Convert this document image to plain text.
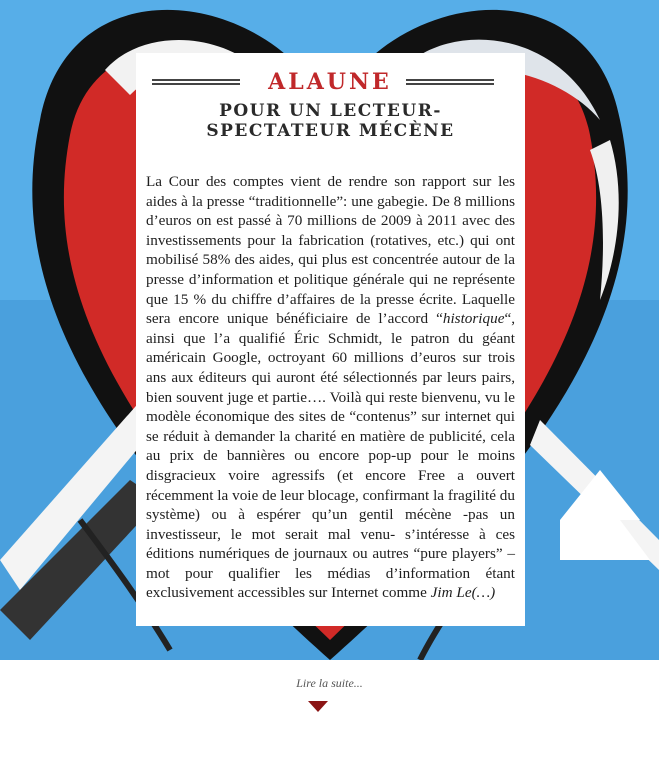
ALAUNE
POUR UN LECTEUR-SPECTATEUR MÉCÈNE
La Cour des comptes vient de rendre son rapport sur les aides à la presse “traditionnelle”: une gabegie. De 8 millions d’euros on est passé à 70 millions de 2009 à 2011 avec des investissements pour la fabrication (rotatives, etc.) qui ont mobilisé 58% des aides, qui plus est concentrée autour de la presse d’information et politique générale qui ne représente que 15 % du chiffre d’affaires de la presse écrite. Laquelle sera encore unique bénéficiaire de l’accord “historique“, ainsi que l’a qualifié Éric Schmidt, le patron du géant américain Google, octroyant 60 millions d’euros sur trois ans aux éditeurs qui auront été sélectionnés par leurs pairs, bien souvent juge et partie…. Voilà qui reste bienvenu, vu le modèle économique des sites de “contenus” sur internet qui se réduit à demander la charité en matière de publicité, cela au prix de bannières ou encore pop-up pour le moins disgracieux voire agressifs (et encore Free a ouvert récemment la voie de leur blocage, confirmant la fragilité du système) ou à espérer qu’un gentil mécène -pas un investisseur, le mot serait mal venu- s’intéresse à ces éditions numériques de journaux ou autres “pure players” – mot pour qualifier les médias d’information étant exclusivement accessibles sur Internet comme Jim Le(…)
Lire la suite...
